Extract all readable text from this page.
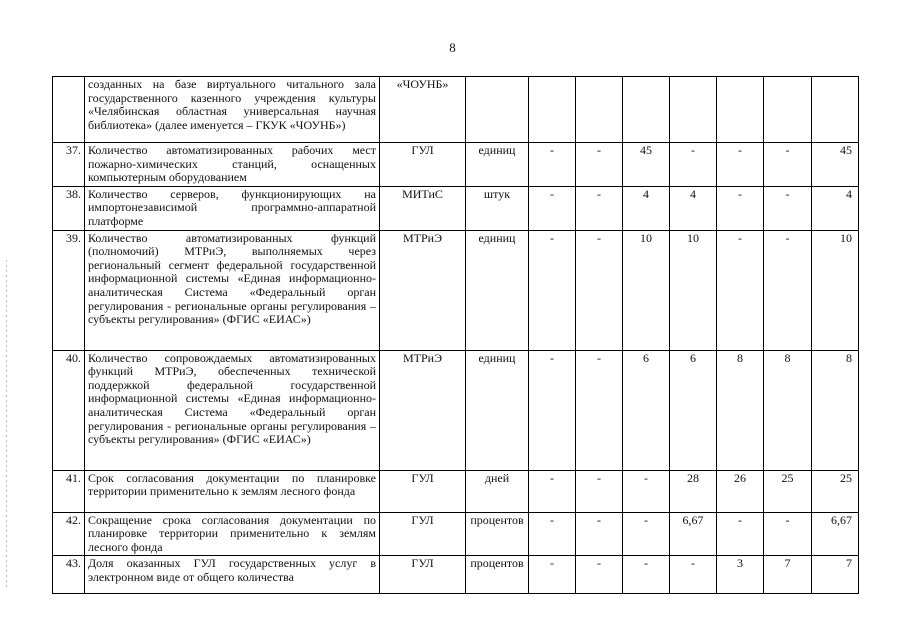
8
	созданных на базе виртуального читального зала государственного казенного учреждения культуры «Челябинская областная универсальная научная библиотека» (далее именуется – ГКУК «ЧОУНБ»)	«ЧОУНБ»								
37.	Количество автоматизированных рабочих мест пожарно-химических станций, оснащенных компьютерным оборудованием	ГУЛ	единиц	-	-	45	-	-	-	45
38.	Количество серверов, функционирующих на импортонезависимой программно-аппаратной платформе	МИТиС	штук	-	-	4	4	-	-	4
39.	Количество автоматизированных функций (полномочий) МТРиЭ, выполняемых через региональный сегмент федеральной государственной информационной системы «Единая информационно-аналитическая Система «Федеральный орган регулирования - региональные органы регулирования – субъекты регулирования» (ФГИС «ЕИАС»)	МТРиЭ	единиц	-	-	10	10	-	-	10
40.	Количество сопровождаемых автоматизированных функций МТРиЭ, обеспеченных технической поддержкой федеральной государственной информационной системы «Единая информационно-аналитическая Система «Федеральный орган регулирования - региональные органы регулирования – субъекты регулирования» (ФГИС «ЕИАС»)	МТРиЭ	единиц	-	-	6	6	8	8	8
41.	Срок согласования документации по планировке территории применительно к землям лесного фонда	ГУЛ	дней	-	-	-	28	26	25	25
42.	Сокращение срока согласования документации по планировке территории применительно к землям лесного фонда	ГУЛ	процентов	-	-	-	6,67	-	-	6,67
43.	Доля оказанных ГУЛ государственных услуг в электронном виде от общего количества	ГУЛ	процентов	-	-	-	-	3	7	7
